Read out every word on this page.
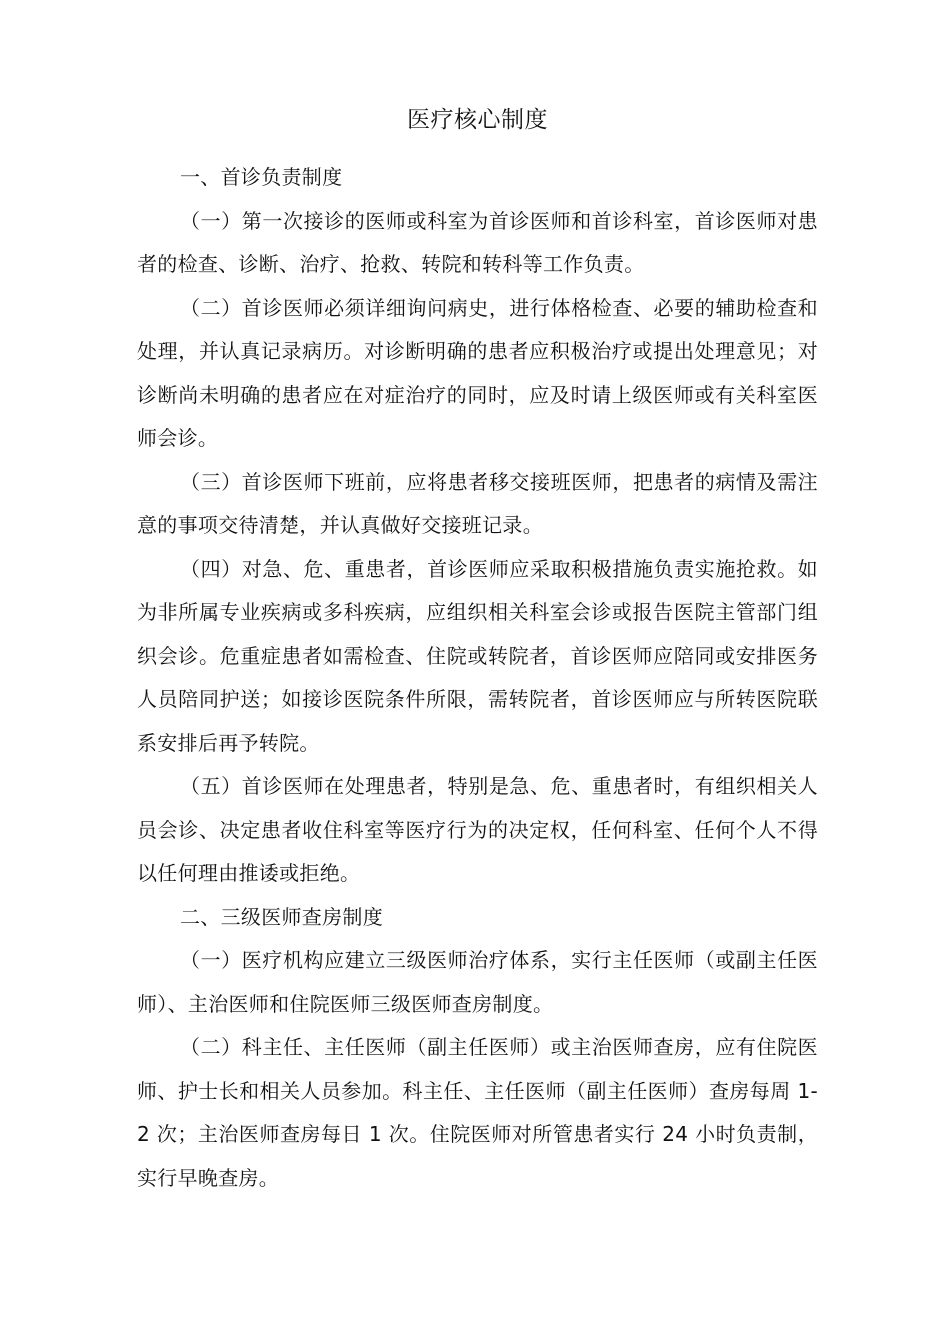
医疗核心制度
一、首诊负责制度

（一）第一次接诊的医师或科室为首诊医师和首诊科室，首诊医师对患者的检查、诊断、治疗、抢救、转院和转科等工作负责。

（二）首诊医师必须详细询问病史，进行体格检查、必要的辅助检查和处理，并认真记录病历。对诊断明确的患者应积极治疗或提出处理意见；对诊断尚未明确的患者应在对症治疗的同时，应及时请上级医师或有关科室医师会诊。

（三）首诊医师下班前，应将患者移交接班医师，把患者的病情及需注意的事项交待清楚，并认真做好交接班记录。

（四）对急、危、重患者，首诊医师应采取积极措施负责实施抢救。如为非所属专业疾病或多科疾病，应组织相关科室会诊或报告医院主管部门组织会诊。危重症患者如需检查、住院或转院者，首诊医师应陪同或安排医务人员陪同护送；如接诊医院条件所限，需转院者，首诊医师应与所转医院联系安排后再予转院。

（五）首诊医师在处理患者，特别是急、危、重患者时，有组织相关人员会诊、决定患者收住科室等医疗行为的决定权，任何科室、任何个人不得以任何理由推诿或拒绝。

二、三级医师查房制度

（一）医疗机构应建立三级医师治疗体系，实行主任医师（或副主任医师）、主治医师和住院医师三级医师查房制度。

（二）科主任、主任医师（副主任医师）或主治医师查房，应有住院医师、护士长和相关人员参加。科主任、主任医师（副主任医师）查房每周 1-2 次；主治医师查房每日 1 次。住院医师对所管患者实行 24 小时负责制，实行早晚查房。
